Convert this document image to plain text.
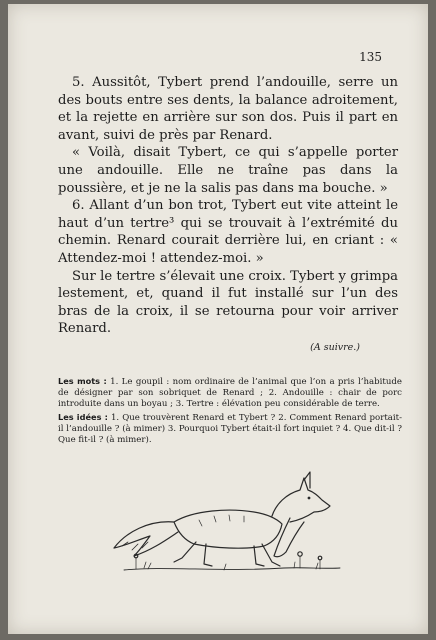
135

5. Aussitôt, Tybert prend l’andouille, serre un des bouts entre ses dents, la balance adroitement, et la rejette en arrière sur son dos. Puis il part en avant, suivi de près par Renard.

« Voilà, disait Tybert, ce qui s’appelle porter une andouille. Elle ne traîne pas dans la poussière, et je ne la salis pas dans ma bouche. »

6. Allant d’un bon trot, Tybert eut vite atteint le haut d’un tertre³ qui se trouvait à l’extrémité du chemin. Renard courait derrière lui, en criant : « Attendez-moi ! attendez-moi. »

Sur le tertre s’élevait une croix. Tybert y grimpa lestement, et, quand il fut installé sur l’un des bras de la croix, il se retourna pour voir arriver Renard.

(A suivre.)

Les mots : 1. Le goupil : nom ordinaire de l’animal que l’on a pris l’habitude de désigner par son sobriquet de Renard ; 2. Andouille : chair de porc introduite dans un boyau ; 3. Tertre : élévation peu considérable de terre.

Les idées : 1. Que trouvèrent Renard et Tybert ? 2. Comment Renard portait-il l’andouille ? (à mimer) 3. Pourquoi Tybert était-il fort inquiet ? 4. Que dit-il ? Que fit-il ? (à mimer).
